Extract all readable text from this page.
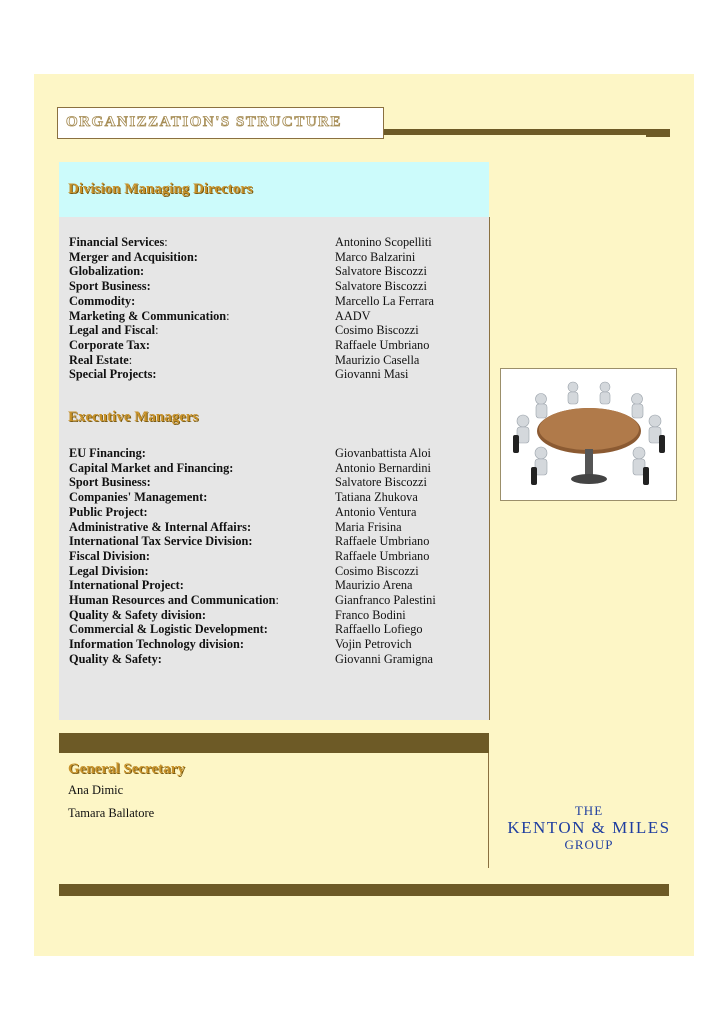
ORGANIZZATION'S STRUCTURE
Division Managing Directors
Financial Services:	Antonino Scopelliti
Merger and Acquisition:	Marco Balzarini
Globalization:	Salvatore Biscozzi
Sport Business:	Salvatore Biscozzi
Commodity:	Marcello La Ferrara
Marketing & Communication:	AADV
Legal and Fiscal:	Cosimo Biscozzi
Corporate Tax:	Raffaele Umbriano
Real Estate:	Maurizio Casella
Special Projects:	Giovanni Masi
Executive Managers
EU Financing:	Giovanbattista Aloi
Capital Market and Financing:	Antonio Bernardini
Sport Business:	Salvatore Biscozzi
Companies' Management:	Tatiana Zhukova
Public Project:	Antonio Ventura
Administrative & Internal Affairs:	Maria Frisina
International Tax Service Division:	Raffaele Umbriano
Fiscal Division:	Raffaele Umbriano
Legal Division:	Cosimo Biscozzi
International Project:	Maurizio Arena
Human Resources and Communication:	Gianfranco Palestini
Quality & Safety division:	Franco Bodini
Commercial & Logistic Development:	Raffaello Lofiego
Information Technology division:	Vojin Petrovich
Quality & Safety:	Giovanni Gramigna
General Secretary
Ana Dimic
Tamara Ballatore	THE
KENTON & MILES
GROUP
